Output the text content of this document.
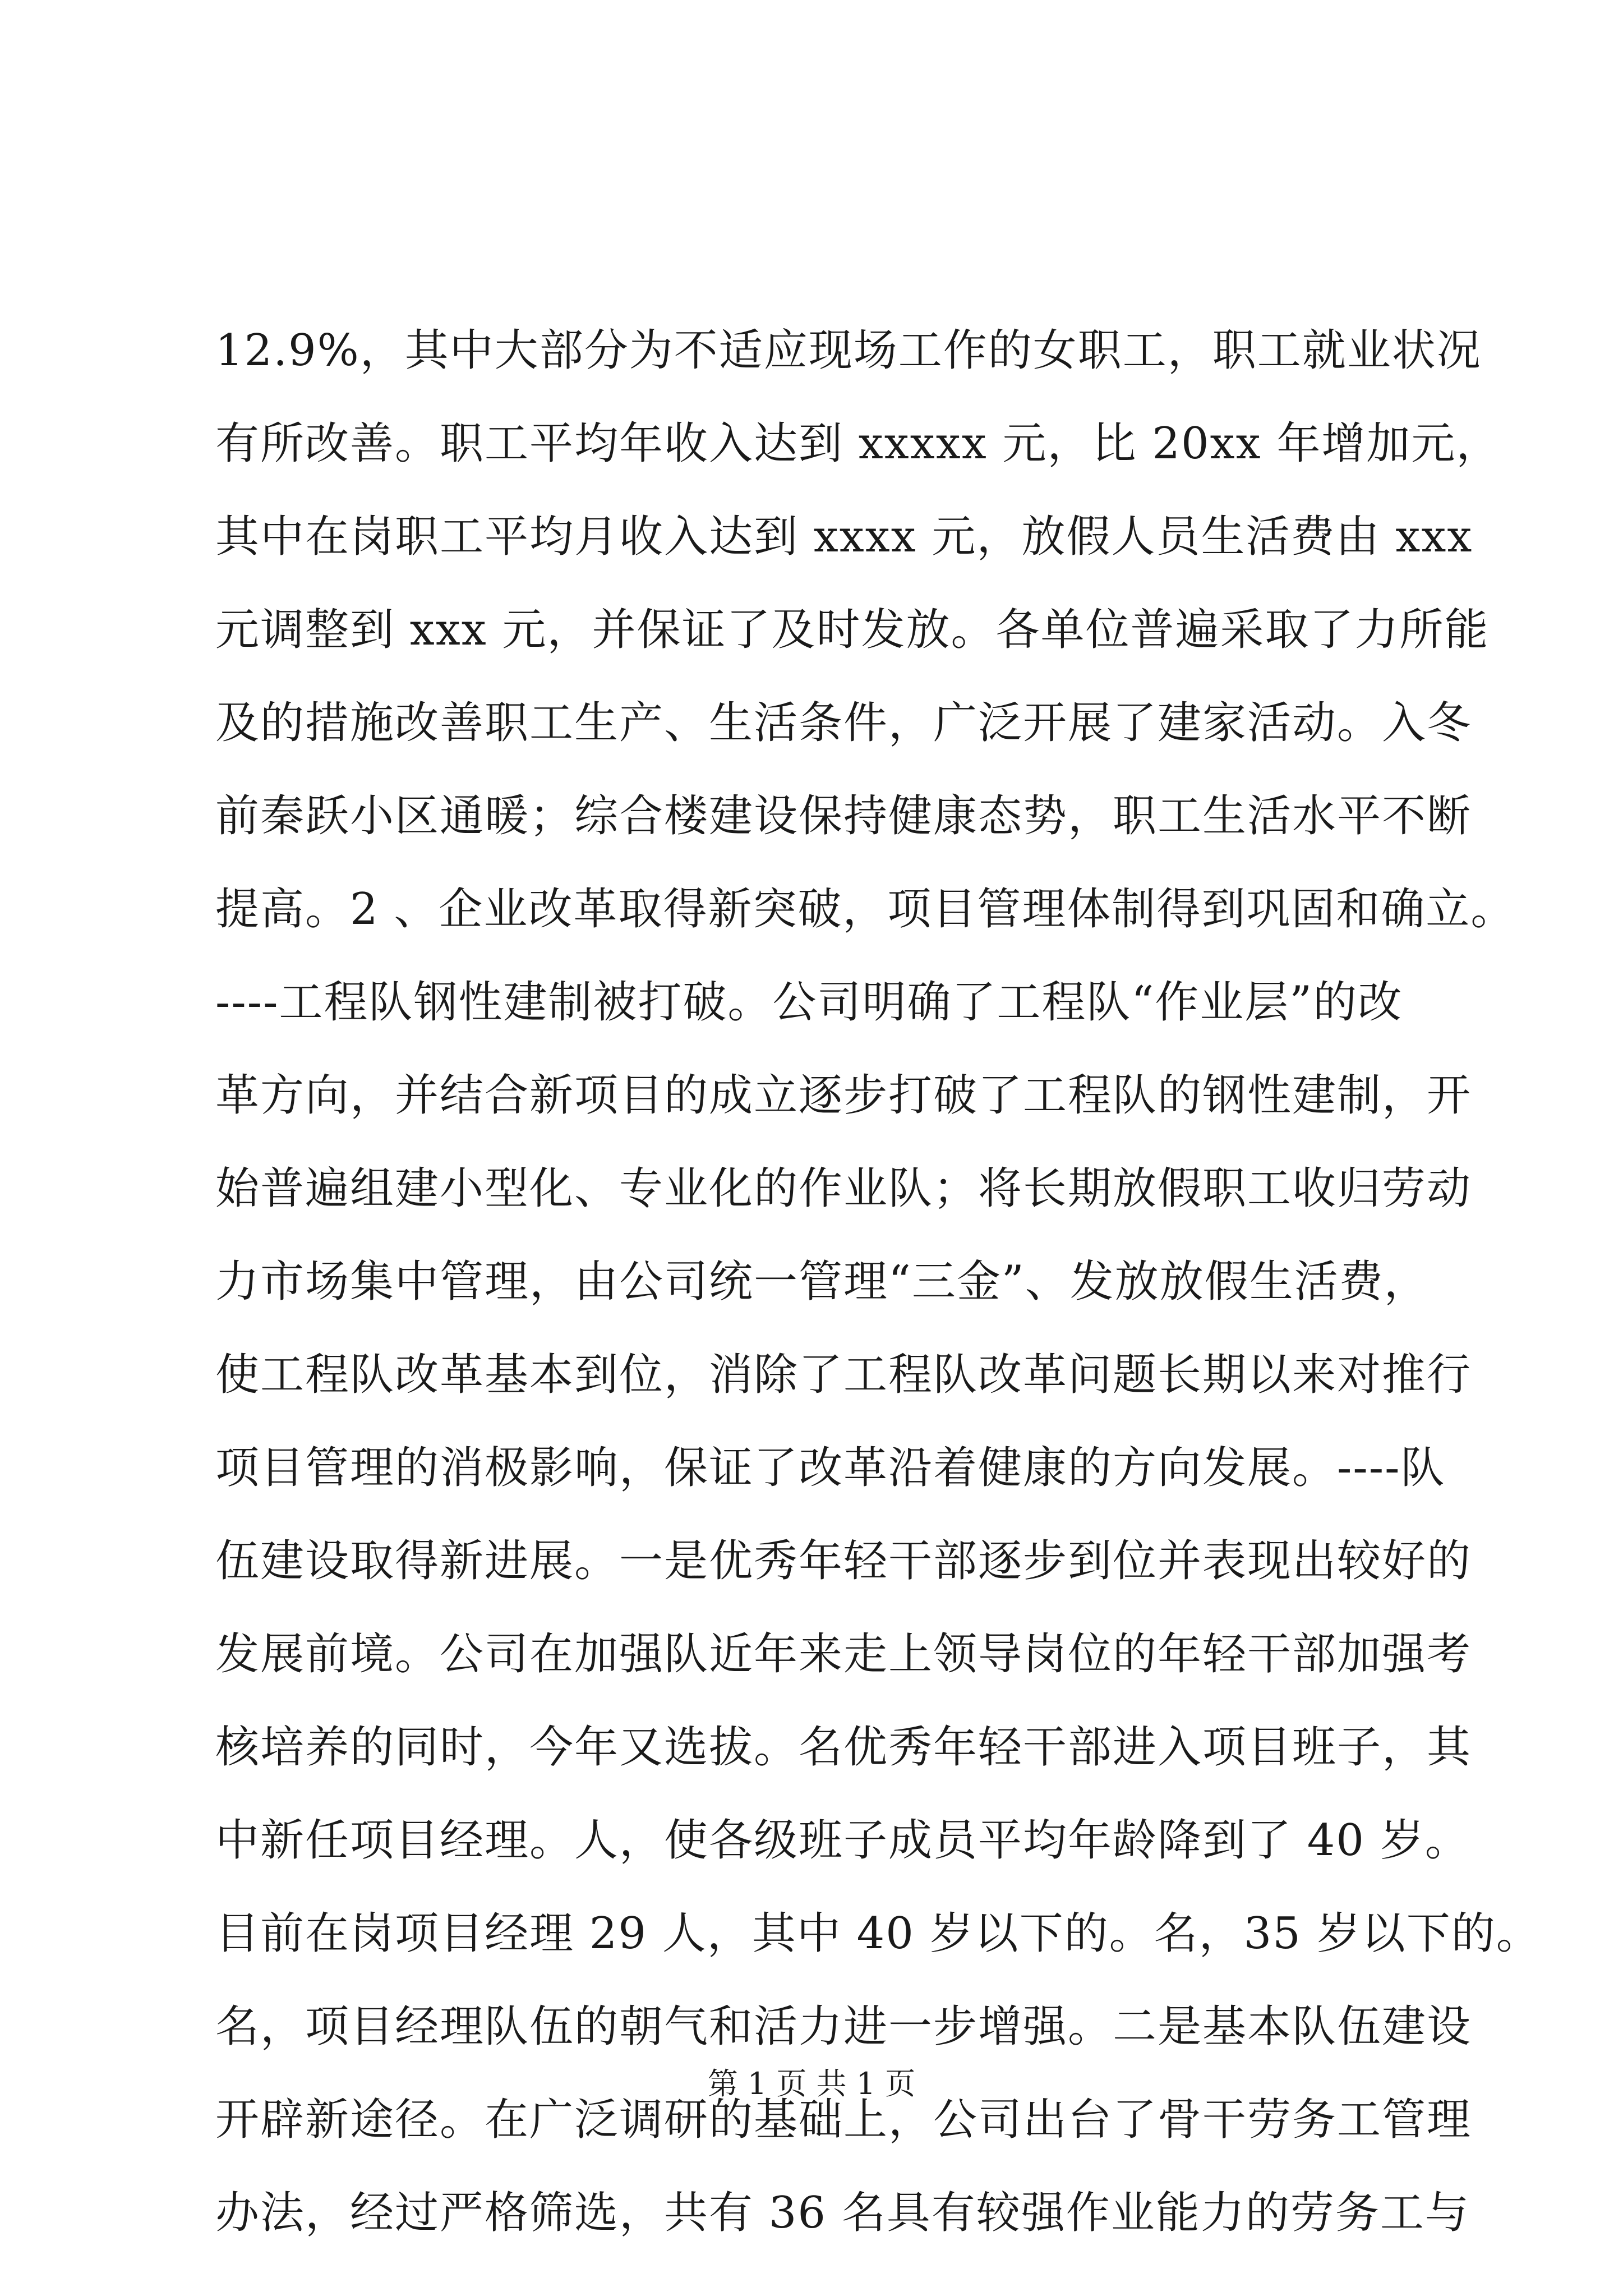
12.9%，其中大部分为不适应现场工作的女职工，职工就业状况
有所改善。职工平均年收入达到 xxxxx 元，比 20xx 年增加元，
其中在岗职工平均月收入达到 xxxx 元，放假人员生活费由 xxx
元调整到 xxx 元，并保证了及时发放。各单位普遍采取了力所能
及的措施改善职工生产、生活条件，广泛开展了建家活动。入冬
前秦跃小区通暖；综合楼建设保持健康态势，职工生活水平不断
提高。2 、企业改革取得新突破，项目管理体制得到巩固和确立。
----工程队钢性建制被打破。公司明确了工程队“作业层”的改
革方向，并结合新项目的成立逐步打破了工程队的钢性建制，开
始普遍组建小型化、专业化的作业队；将长期放假职工收归劳动
力市场集中管理，由公司统一管理“三金”、发放放假生活费，
使工程队改革基本到位，消除了工程队改革问题长期以来对推行
项目管理的消极影响，保证了改革沿着健康的方向发展。----队
伍建设取得新进展。一是优秀年轻干部逐步到位并表现出较好的
发展前境。公司在加强队近年来走上领导岗位的年轻干部加强考
核培养的同时，今年又选拔。名优秀年轻干部进入项目班子，其
中新任项目经理。人，使各级班子成员平均年龄降到了 40 岁。
目前在岗项目经理 29 人，其中 40 岁以下的。名，35 岁以下的。
名，项目经理队伍的朝气和活力进一步增强。二是基本队伍建设
开辟新途径。在广泛调研的基础上，公司出台了骨干劳务工管理
办法，经过严格筛选，共有 36 名具有较强作业能力的劳务工与
第 1 页 共 1 页
